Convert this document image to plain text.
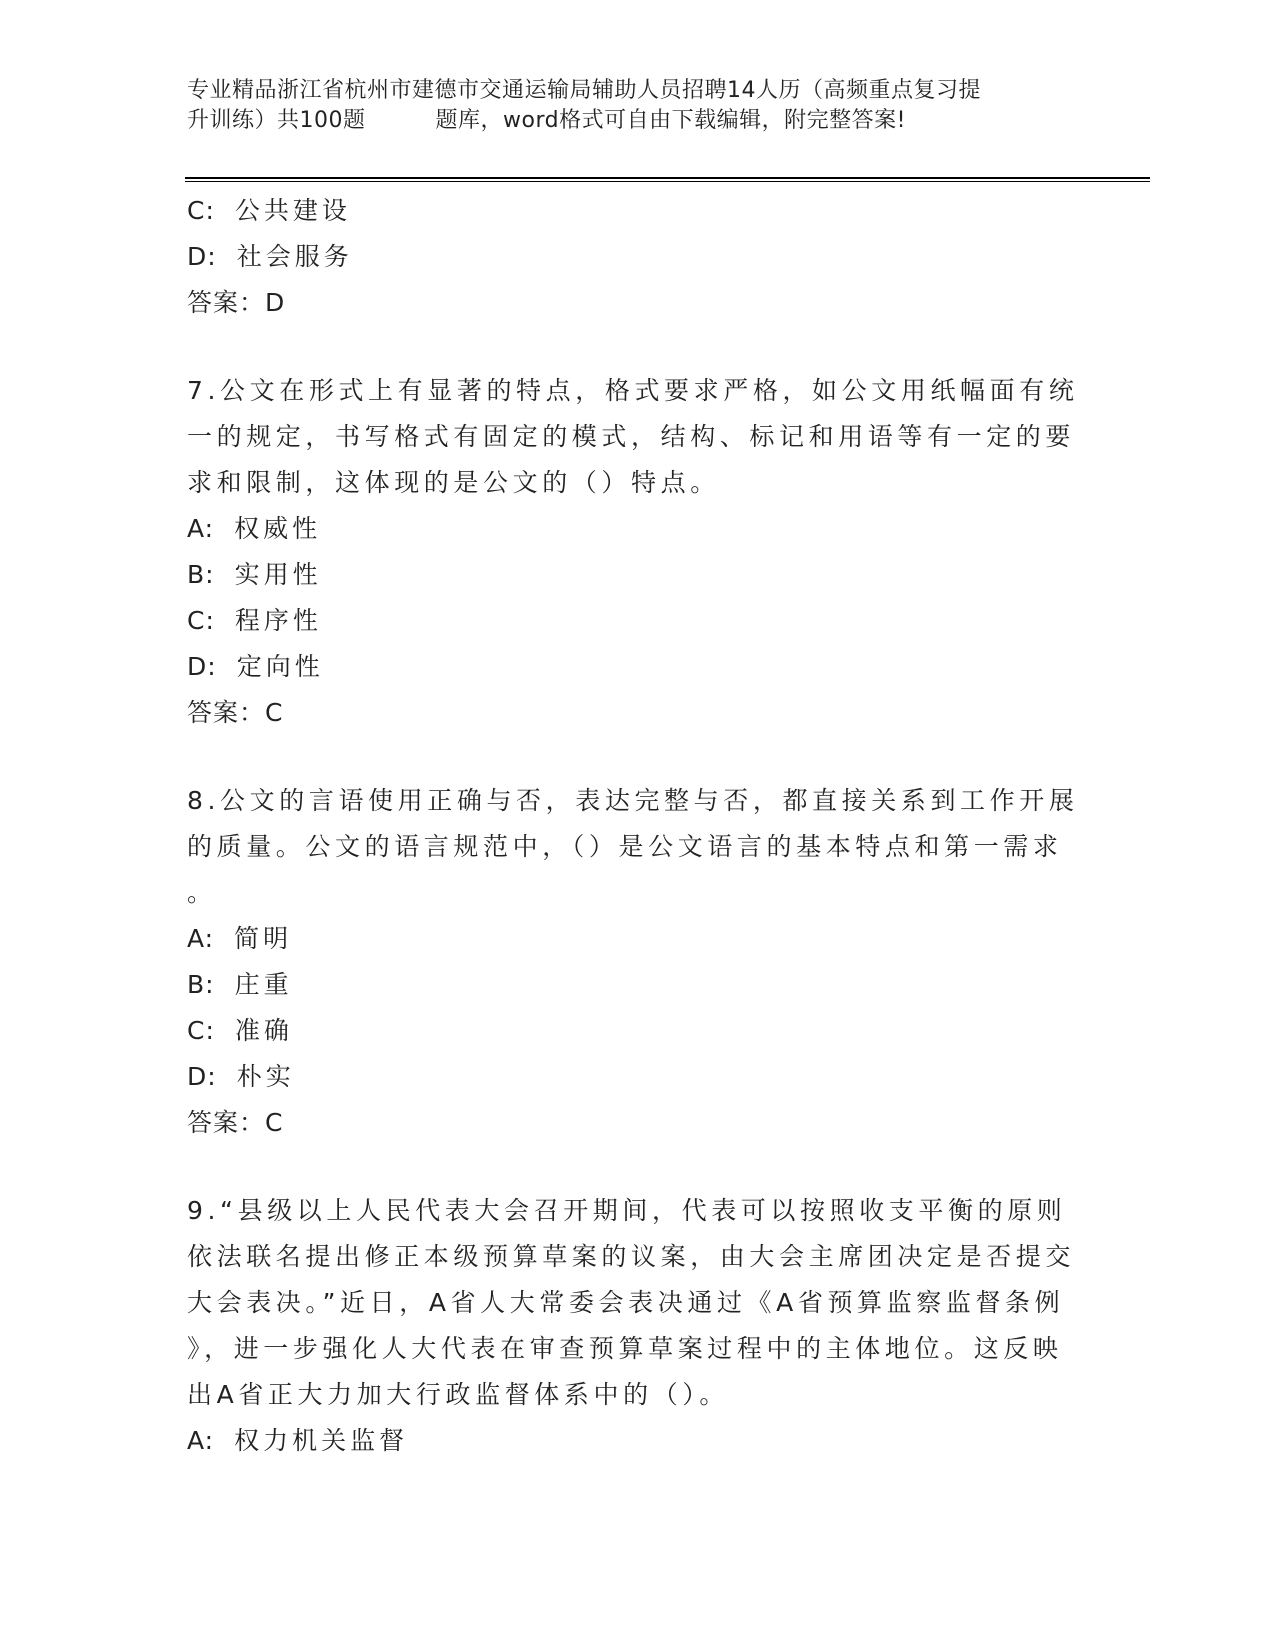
专业精品浙江省杭州市建德市交通运输局辅助人员招聘14人历（高频重点复习提
升训练）共100题	题库，word格式可自由下载编辑，附完整答案!
C: 公共建设
D: 社会服务
答案：D
7.公文在形式上有显著的特点，格式要求严格，如公文用纸幅面有统
一的规定，书写格式有固定的模式，结构、标记和用语等有一定的要
求和限制，这体现的是公文的（）特点。
A: 权威性
B: 实用性
C: 程序性
D: 定向性
答案：C
8.公文的言语使用正确与否，表达完整与否，都直接关系到工作开展
的质量。公文的语言规范中，（）是公文语言的基本特点和第一需求
。
A: 简明
B: 庄重
C: 准确
D: 朴实
答案：C
9.“县级以上人民代表大会召开期间，代表可以按照收支平衡的原则
依法联名提出修正本级预算草案的议案，由大会主席团决定是否提交
大会表决。”近日，A省人大常委会表决通过《A省预算监察监督条例
》，进一步强化人大代表在审查预算草案过程中的主体地位。这反映
出A省正大力加大行政监督体系中的（）。
A: 权力机关监督
